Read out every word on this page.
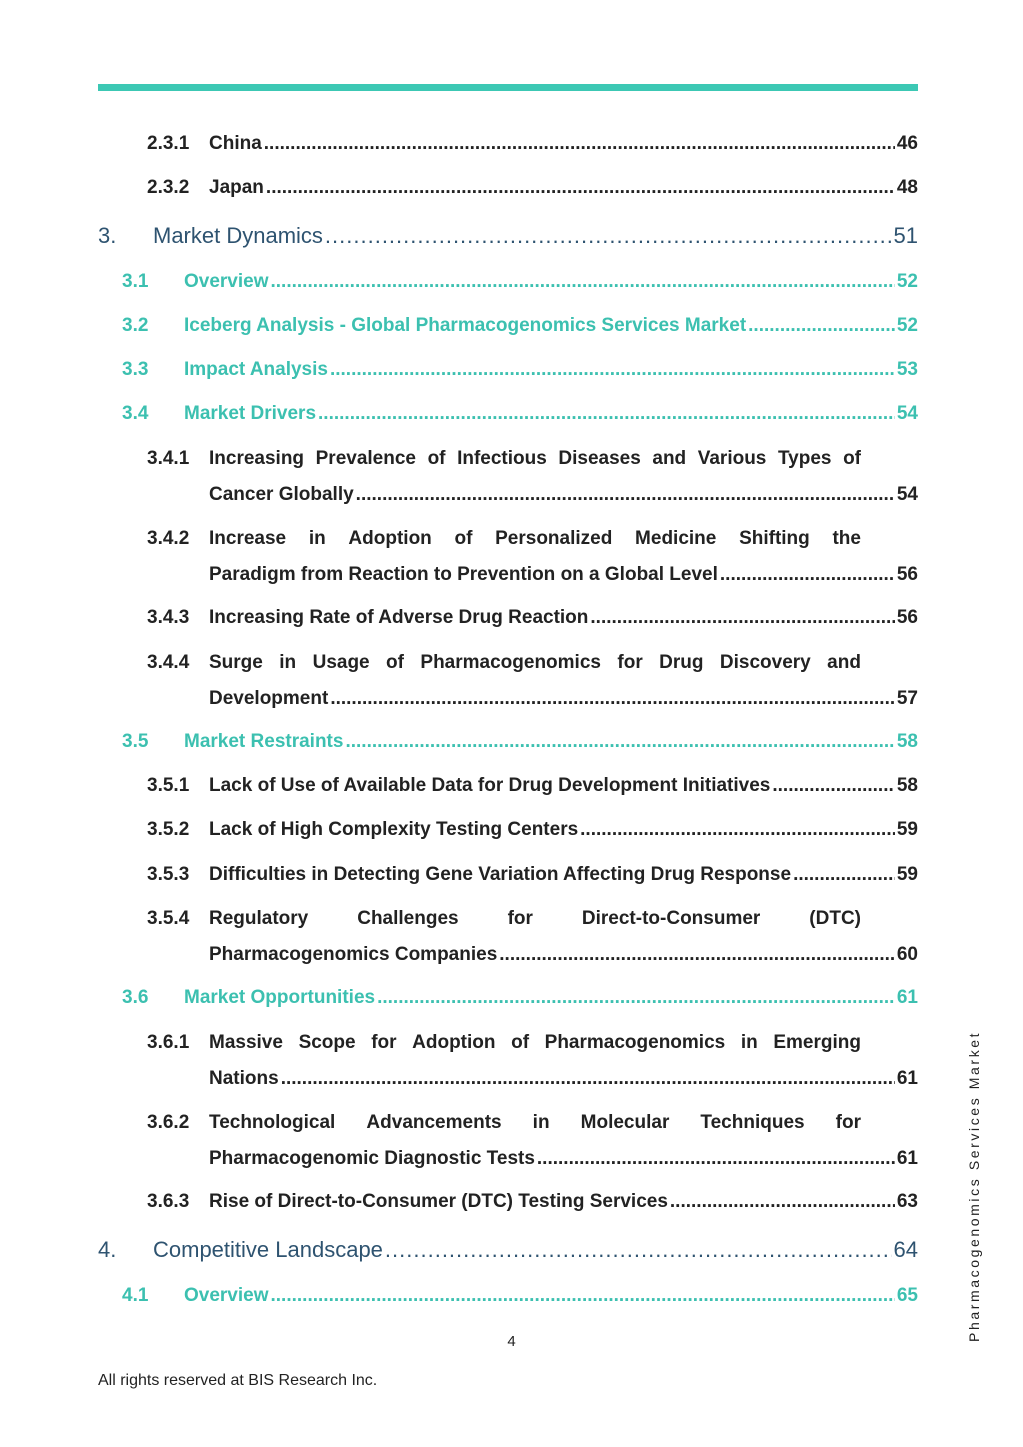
2.3.1 China .....	46
2.3.2 Japan .....	48
3. Market Dynamics .....	51
3.1 Overview .....	52
3.2 Iceberg Analysis - Global Pharmacogenomics Services Market .....	52
3.3 Impact Analysis .....	53
3.4 Market Drivers .....	54
3.4.1 Increasing Prevalence of Infectious Diseases and Various Types of
Cancer Globally .....	54
3.4.2 Increase in Adoption of Personalized Medicine Shifting the
Paradigm from Reaction to Prevention on a Global Level .....	56
3.4.3 Increasing Rate of Adverse Drug Reaction .....	56
3.4.4 Surge in Usage of Pharmacogenomics for Drug Discovery and
Development .....	57
3.5 Market Restraints .....	58
3.5.1 Lack of Use of Available Data for Drug Development Initiatives .....	58
3.5.2 Lack of High Complexity Testing Centers .....	59
3.5.3 Difficulties in Detecting Gene Variation Affecting Drug Response .....	59
3.5.4 Regulatory	Challenges	for	Direct-to-Consumer	(DTC)
Pharmacogenomics Companies .....	60
3.6 Market Opportunities .....	61
3.6.1 Massive Scope for Adoption of Pharmacogenomics in Emerging
Nations .....	61
3.6.2 Technological Advancements in Molecular Techniques for
Pharmacogenomic Diagnostic Tests .....	61
3.6.3 Rise of Direct-to-Consumer (DTC) Testing Services .....	63
4. Competitive Landscape .....	64
4.1 Overview .....	65
4
All rights reserved at BIS Research Inc.
Pharmacogenomics Services Market
